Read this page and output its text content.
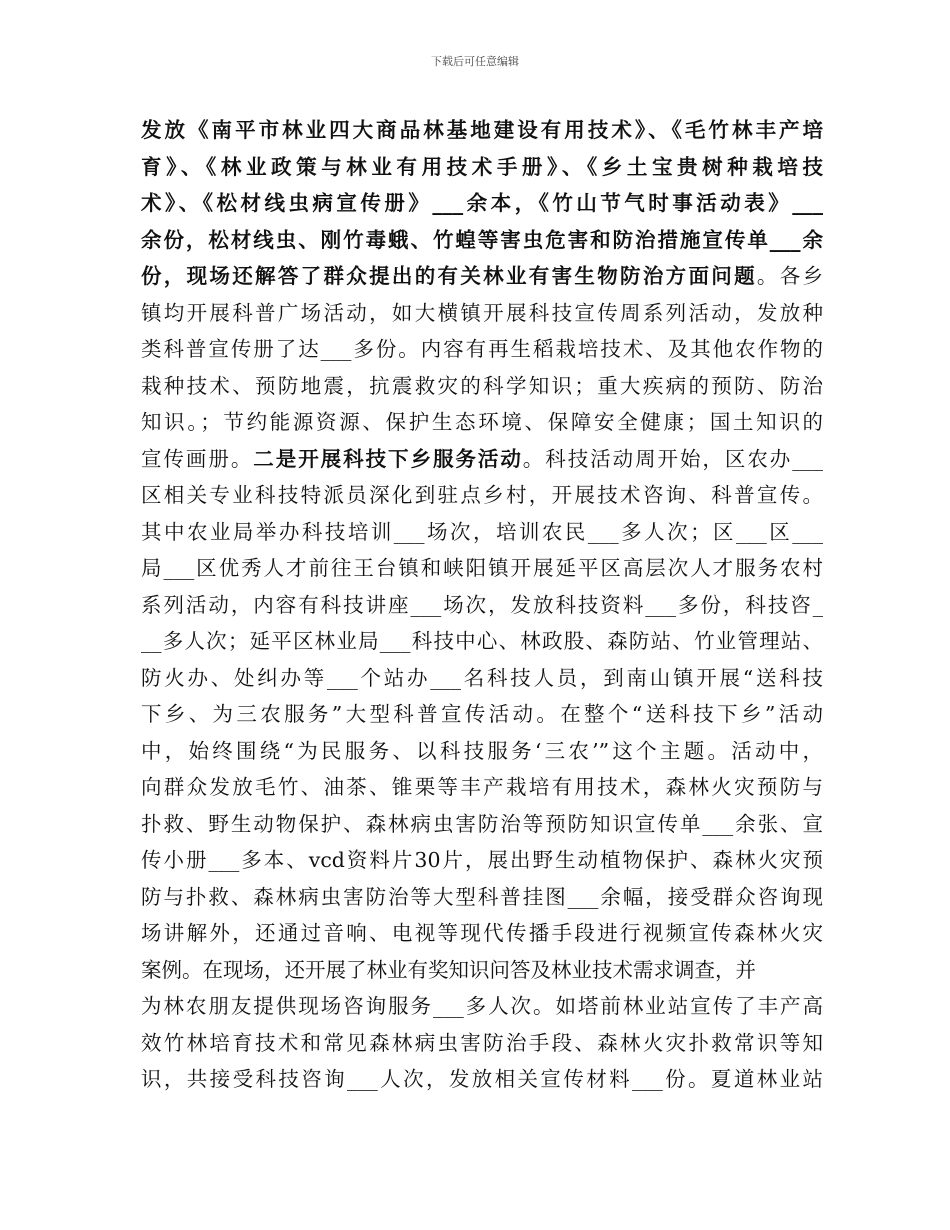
下载后可任意编辑
发放《南平市林业四大商品林基地建设有用技术》、《毛竹林丰产培
育》、《林业政策与林业有用技术手册》、《乡土宝贵树种栽培技
术》、《松材线虫病宣传册》___余本，《竹山节气时事活动表》___
余份，松材线虫、刚竹毒蛾、竹蝗等害虫危害和防治措施宣传单___余
份，现场还解答了群众提出的有关林业有害生物防治方面问题。各乡
镇均开展科普广场活动，如大横镇开展科技宣传周系列活动，发放种
类科普宣传册了达___多份。内容有再生稻栽培技术、及其他农作物的
栽种技术、预防地震，抗震救灾的科学知识；重大疾病的预防、防治
知识。；节约能源资源、保护生态环境、保障安全健康；国土知识的
宣传画册。二是开展科技下乡服务活动。科技活动周开始，区农办___
区相关专业科技特派员深化到驻点乡村，开展技术咨询、科普宣传。
其中农业局举办科技培训___场次，培训农民___多人次；区___区___
局___区优秀人才前往王台镇和峡阳镇开展延平区高层次人才服务农村
系列活动，内容有科技讲座___场次，发放科技资料___多份，科技咨_
__多人次；延平区林业局___科技中心、林政股、森防站、竹业管理站、
防火办、处纠办等___个站办___名科技人员，到南山镇开展“送科技
下乡、为三农服务”大型科普宣传活动。在整个“送科技下乡”活动
中，始终围绕“为民服务、以科技服务‘三农’”这个主题。活动中，
向群众发放毛竹、油茶、锥栗等丰产栽培有用技术，森林火灾预防与
扑救、野生动物保护、森林病虫害防治等预防知识宣传单___余张、宣
传小册___多本、vcd资料片30片，展出野生动植物保护、森林火灾预
防与扑救、森林病虫害防治等大型科普挂图___余幅，接受群众咨询现
场讲解外，还通过音响、电视等现代传播手段进行视频宣传森林火灾
案例。在现场，还开展了林业有奖知识问答及林业技术需求调查，并
为林农朋友提供现场咨询服务___多人次。如塔前林业站宣传了丰产高
效竹林培育技术和常见森林病虫害防治手段、森林火灾扑救常识等知
识，共接受科技咨询___人次，发放相关宣传材料___份。夏道林业站
